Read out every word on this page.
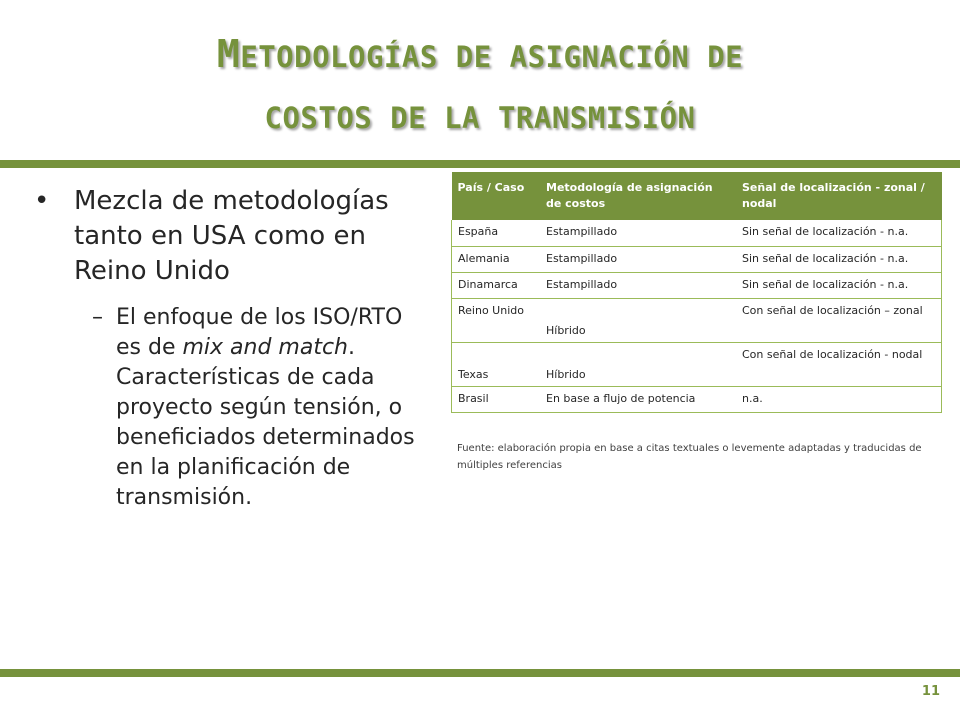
METODOLOGÍAS DE ASIGNACIÓN DE
COSTOS DE LA TRANSMISIÓN
• Mezcla de metodologías tanto en USA como en Reino Unido
– El enfoque de los ISO/RTO es de mix and match. Características de cada proyecto según tensión, o beneficiados determinados en la planificación de transmisión.
País / Caso	Metodología de asignación de costos	Señal de localización - zonal / nodal
España	Estampillado	Sin señal de localización - n.a.
Alemania	Estampillado	Sin señal de localización - n.a.
Dinamarca	Estampillado	Sin señal de localización - n.a.
Reino Unido	Híbrido	Con señal de localización – zonal
Texas	Híbrido	Con señal de localización - nodal
Brasil	En base a flujo de potencia	n.a.
Fuente: elaboración propia en base a citas textuales o levemente adaptadas y traducidas de múltiples referencias
11
